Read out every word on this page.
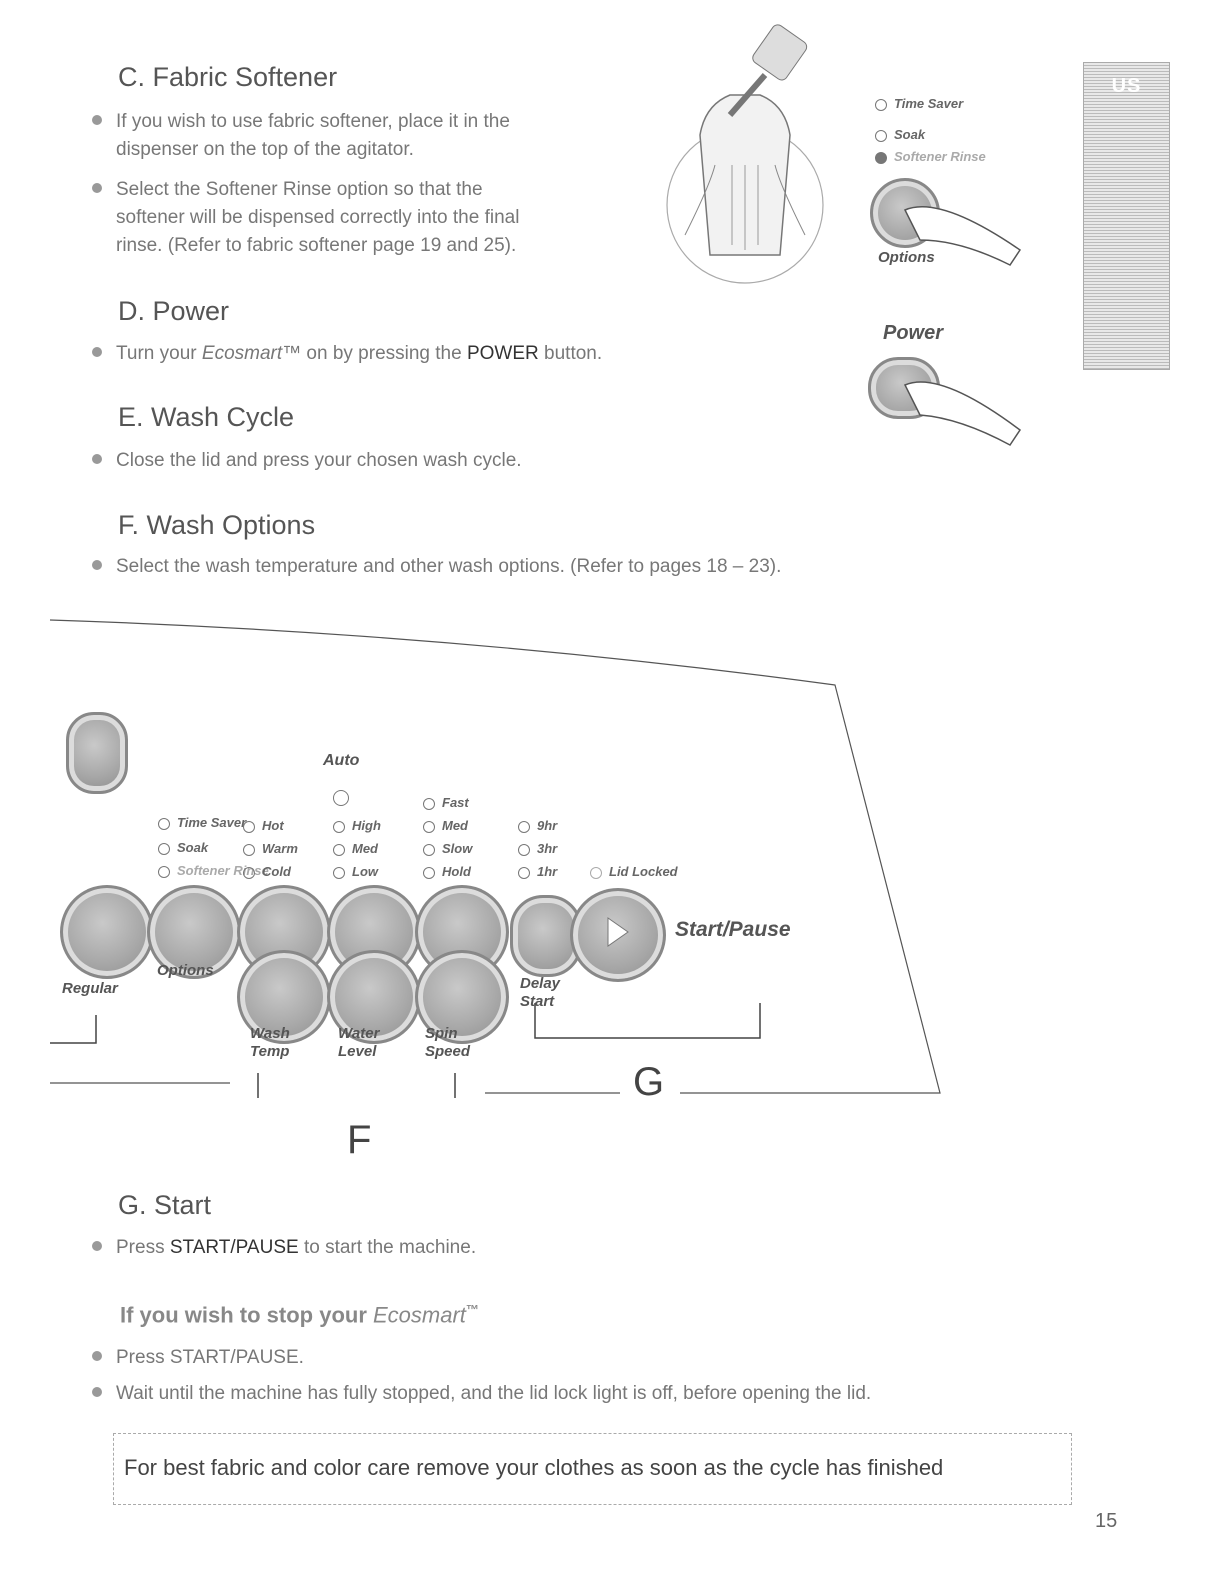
US
C. Fabric Softener
If you wish to use fabric softener, place it in the
dispenser on the top of the agitator.
Select the Softener Rinse option so that the
softener will be dispensed correctly into the final
rinse. (Refer to fabric softener page 19 and 25).
Time Saver
Soak
Softener Rinse
Options
Power
D. Power
Turn your Ecosmart™ on by pressing the POWER button.
E. Wash Cycle
Close the lid and press your chosen wash cycle.
F. Wash Options
Select the wash temperature and other wash options. (Refer to pages 18 – 23).
Auto
Time Saver
Soak
Softener Rinse
Hot
Warm
Cold
High
Med
Low
Fast
Med
Slow
Hold
9hr
3hr
1hr	Lid Locked
Start/Pause
Regular
Options
Wash
Temp
Water
Level
Spin
Speed
Delay
Start
F
G
G. Start
Press START/PAUSE to start the machine.
If you wish to stop your Ecosmart™
Press START/PAUSE.
Wait until the machine has fully stopped, and the lid lock light is off, before opening the lid.
For best fabric and color care remove your clothes as soon as the cycle has finished
15
